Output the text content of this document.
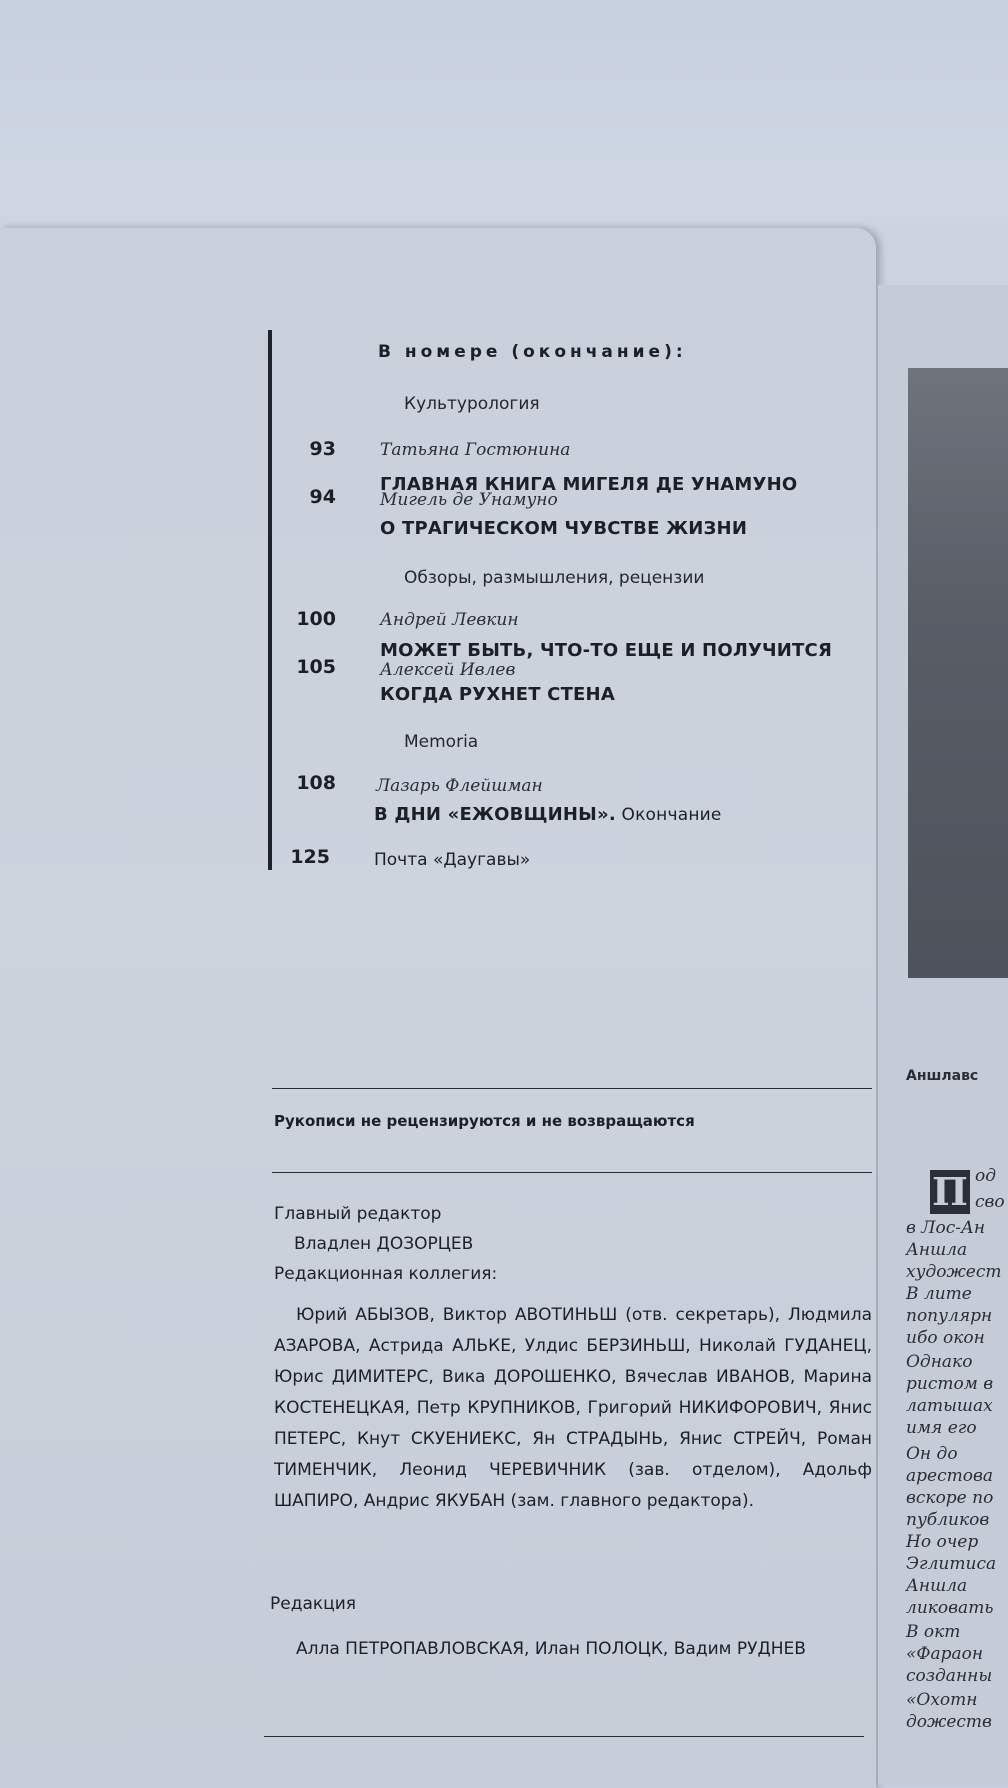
Аншлавс
П од
сво
в Лос-Ан
Аншла
художест
В лите
популярн
ибо окон
Однако
ристом в
латышах
имя его
Он до
арестова
вскоре по
публиков
Но очер
Эглитиса
Аншла
ликовать
В окт
«Фараон
созданны
«Охотн
дожеств
В номере (окончание):
Культурология
93	Татьяна Гостюнина
ГЛАВНАЯ КНИГА МИГЕЛЯ ДЕ УНАМУНО
94	Мигель де Унамуно
О ТРАГИЧЕСКОМ ЧУВСТВЕ ЖИЗНИ
Обзоры, размышления, рецензии
100	Андрей Левкин
МОЖЕТ БЫТЬ, ЧТО-ТО ЕЩЕ И ПОЛУЧИТСЯ
105	Алексей Ивлев
КОГДА РУХНЕТ СТЕНА
Memoria
108 Лазарь Флейшман
В ДНИ «ЕЖОВЩИНЫ». Окончание
125	Почта «Даугавы»
Рукописи не рецензируются и не возвращаются
Главный редактор
Владлен ДОЗОРЦЕВ
Редакционная коллегия:
Юрий АБЫЗОВ, Виктор АВОТИНЬШ (отв. секретарь), Людмила АЗАРОВА, Астрида АЛЬКЕ, Улдис БЕРЗИНЬШ, Николай ГУДАНЕЦ, Юрис ДИМИТЕРС, Вика ДОРОШЕНКО, Вячеслав ИВАНОВ, Марина КОСТЕНЕЦКАЯ, Петр КРУПНИКОВ, Григорий НИКИФОРОВИЧ, Янис ПЕТЕРС, Кнут СКУЕНИЕКС, Ян СТРАДЫНЬ, Янис СТРЕЙЧ, Роман ТИМЕНЧИК, Леонид ЧЕРЕВИЧНИК (зав. отделом), Адольф ШАПИРО, Андрис ЯКУБАН (зам. главного редактора).
Редакция
Алла ПЕТРОПАВЛОВСКАЯ, Илан ПОЛОЦК, Вадим РУДНЕВ
